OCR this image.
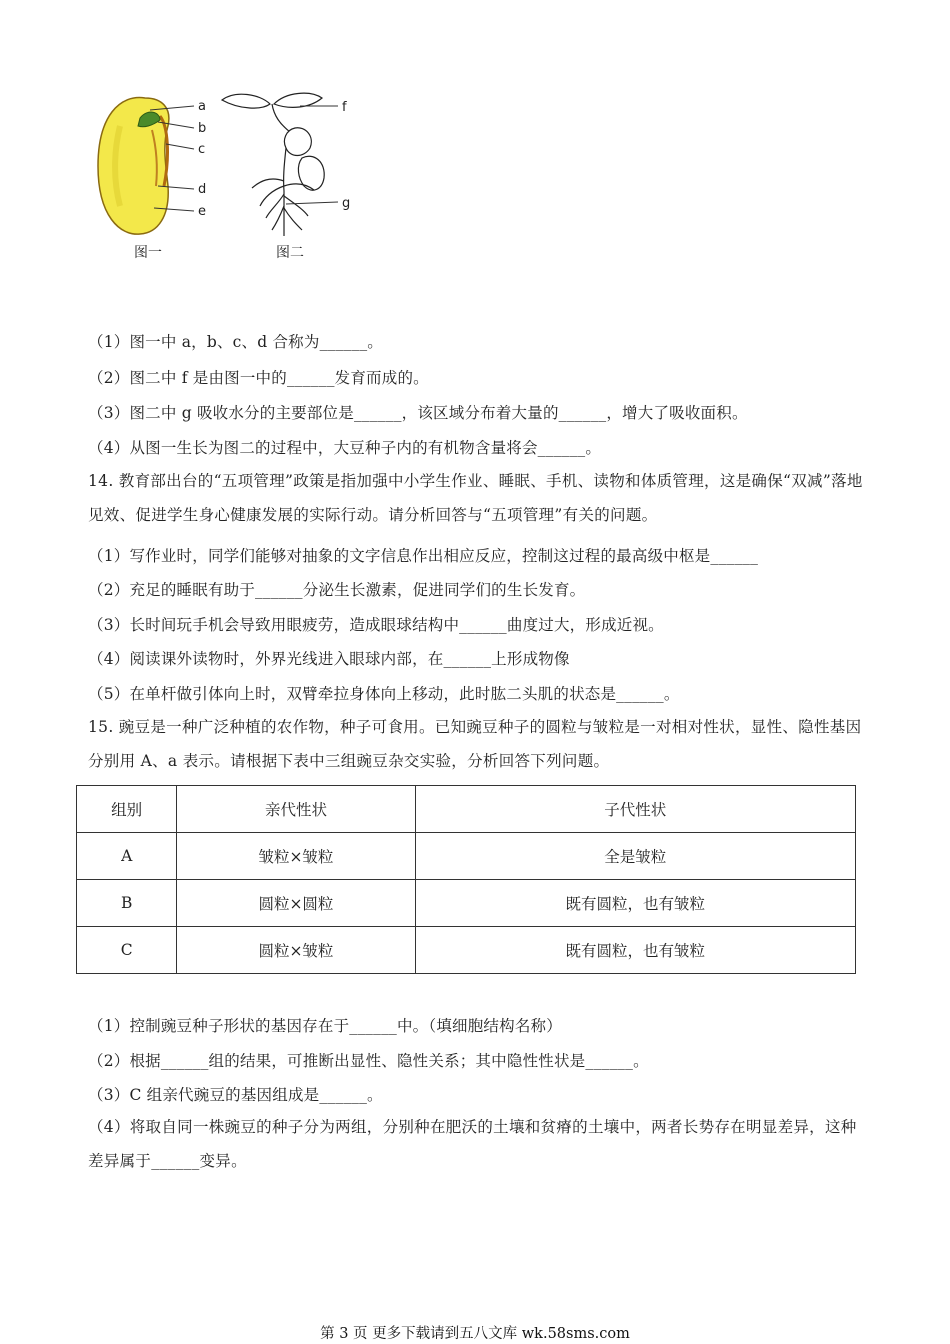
a
b
c
d
e
f
g
图一	图二
（1）图一中 a，b、c、d 合称为______。
（2）图二中 f 是由图一中的______发育而成的。
（3）图二中 g 吸收水分的主要部位是______，该区域分布着大量的______，增大了吸收面积。
（4）从图一生长为图二的过程中，大豆种子内的有机物含量将会______。
14. 教育部出台的“五项管理”政策是指加强中小学生作业、睡眠、手机、读物和体质管理，这是确保“双减”落地见效、促进学生身心健康发展的实际行动。请分析回答与“五项管理”有关的问题。
（1）写作业时，同学们能够对抽象的文字信息作出相应反应，控制这过程的最高级中枢是______
（2）充足的睡眠有助于______分泌生长激素，促进同学们的生长发育。
（3）长时间玩手机会导致用眼疲劳，造成眼球结构中______曲度过大，形成近视。
（4）阅读课外读物时，外界光线进入眼球内部，在______上形成物像
（5）在单杆做引体向上时，双臂牵拉身体向上移动，此时肱二头肌的状态是______。
15. 豌豆是一种广泛种植的农作物，种子可食用。已知豌豆种子的圆粒与皱粒是一对相对性状，显性、隐性基因分别用 A、a 表示。请根据下表中三组豌豆杂交实验，分析回答下列问题。
组别	亲代性状	子代性状
A	皱粒×皱粒	全是皱粒
B	圆粒×圆粒	既有圆粒，也有皱粒
C	圆粒×皱粒	既有圆粒，也有皱粒
（1）控制豌豆种子形状的基因存在于______中。（填细胞结构名称）
（2）根据______组的结果，可推断出显性、隐性关系；其中隐性性状是______。
（3）C 组亲代豌豆的基因组成是______。
（4）将取自同一株豌豆的种子分为两组，分别种在肥沃的土壤和贫瘠的土壤中，两者长势存在明显差异，这种差异属于______变异。
第 3 页 更多下载请到五八文库 wk.58sms.com
